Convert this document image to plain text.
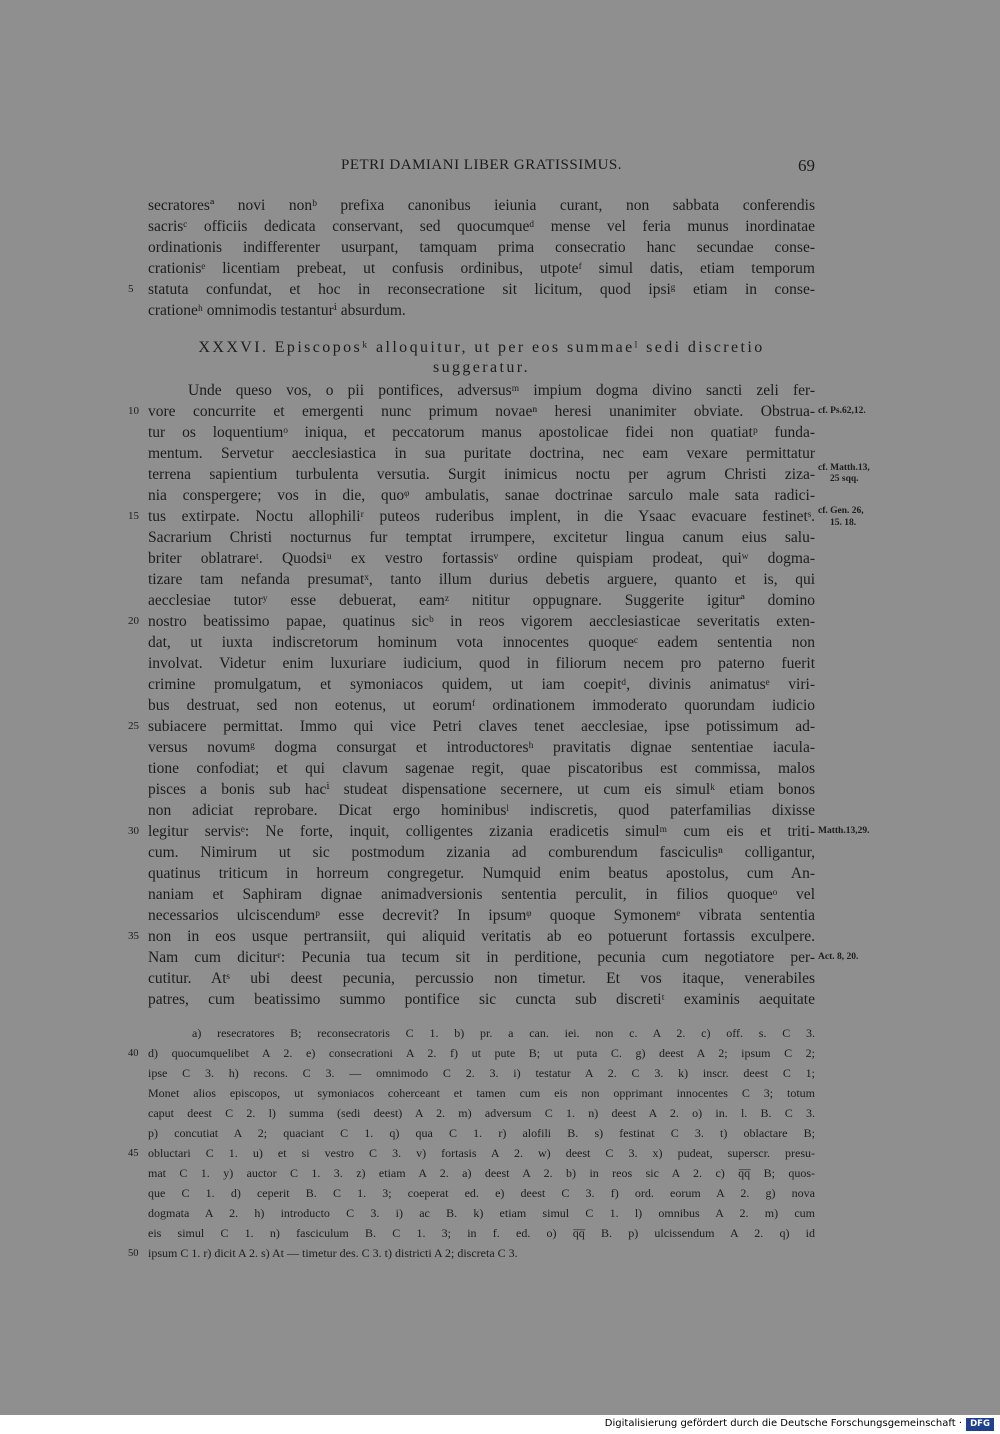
PETRI DAMIANI LIBER GRATISSIMUS.	69
secratoresª novi nonᵇ prefixa canonibus ieiunia curant, non sabbata conferendis
sacrisᶜ officiis dedicata conservant, sed quocumqueᵈ mense vel feria munus inordinatae
ordinationis indifferenter usurpant, tamquam prima consecratio hanc secundae conse-
crationisᵉ licentiam prebeat, ut confusis ordinibus, utpoteᶠ simul datis, etiam temporum
statuta confundat, et hoc in reconsecratione sit licitum, quod ipsiᵍ etiam in conse-
crationeʰ omnimodis testanturⁱ absurdum.
5
XXXVI. Episcoposᵏ alloquitur, ut per eos summaeˡ sedi discretio
suggeratur.
Unde queso vos, o pii pontifices, adversusᵐ impium dogma divino sancti zeli fer-
vore concurrite et emergenti nunc primum novaeⁿ heresi unanimiter obviate. Obstrua-
tur os loquentiumᵒ iniqua, et peccatorum manus apostolicae fidei non quatiatᵖ funda-
mentum. Servetur aecclesiastica in sua puritate doctrina, nec eam vexare permittatur
terrena sapientium turbulenta versutia. Surgit inimicus noctu per agrum Christi ziza-
nia conspergere; vos in die, quoᵠ ambulatis, sanae doctrinae sarculo male sata radici-
tus extirpate. Noctu allophiliʳ puteos ruderibus implent, in die Ysaac evacuare festinetˢ.
Sacrarium Christi nocturnus fur temptat irrumpere, excitetur lingua canum eius salu-
briter oblatrareᵗ. Quodsiᵘ ex vestro fortassisᵛ ordine quispiam prodeat, quiʷ dogma-
tizare tam nefanda presumatˣ, tanto illum durius debetis arguere, quanto et is, qui
aecclesiae tutorʸ esse debuerat, eamᶻ nititur oppugnare. Suggerite igiturª domino
nostro beatissimo papae, quatinus sicᵇ in reos vigorem aecclesiasticae severitatis exten-
dat, ut iuxta indiscretorum hominum vota innocentes quoqueᶜ eadem sententia non
involvat. Videtur enim luxuriare iudicium, quod in filiorum necem pro paterno fuerit
crimine promulgatum, et symoniacos quidem, ut iam coepitᵈ, divinis animatusᵉ viri-
bus destruat, sed non eotenus, ut eorumᶠ ordinationem immoderato quorundam iudicio
subiacere permittat. Immo qui vice Petri claves tenet aecclesiae, ipse potissimum ad-
versus novumᵍ dogma consurgat et introductoresʰ pravitatis dignae sententiae iacula-
tione confodiat; et qui clavum sagenae regit, quae piscatoribus est commissa, malos
pisces a bonis sub hacⁱ studeat dispensatione secernere, ut cum eis simulᵏ etiam bonos
non adiciat reprobare. Dicat ergo hominibusˡ indiscretis, quod paterfamilias dixisse
legitur servisᵉ: Ne forte, inquit, colligentes zizania eradicetis simulᵐ cum eis et triti-
cum. Nimirum ut sic postmodum zizania ad comburendum fasciculisⁿ colligantur,
quatinus triticum in horreum congregetur. Numquid enim beatus apostolus, cum An-
naniam et Saphiram dignae animadversionis sententia perculit, in filios quoqueᵒ vel
necessarios ulciscendumᵖ esse decrevit? In ipsumᵠ quoque Symonemᵉ vibrata sententia
non in eos usque pertransiit, qui aliquid veritatis ab eo potuerunt fortassis exculpere.
Nam cum diciturʳ: Pecunia tua tecum sit in perditione, pecunia cum negotiatore per-
cutitur. Atˢ ubi deest pecunia, percussio non timetur. Et vos itaque, venerabiles
patres, cum beatissimo summo pontifice sic cuncta sub discretiᵗ examinis aequitate
10
15
20
25
30
35
cf. Ps.62,12.
cf. Matth.13,
25 sqq.
cf. Gen. 26,
15. 18.
Matth.13,29.
Act. 8, 20.
a) resecratores B; reconsecratoris C 1. b) pr. a can. iei. non c. A 2. c) off. s. C 3.
d) quocumquelibet A 2. e) consecrationi A 2. f) ut pute B; ut puta C. g) deest A 2; ipsum C 2;
ipse C 3. h) recons. C 3. — omnimodo C 2. 3. i) testatur A 2. C 3. k) inscr. deest C 1;
Monet alios episcopos, ut symoniacos coherceant et tamen cum eis non opprimant innocentes C 3; totum
caput deest C 2. l) summa (sedi deest) A 2. m) adversum C 1. n) deest A 2. o) in. l. B. C 3.
p) concutiat A 2; quaciant C 1. q) qua C 1. r) alofili B. s) festinat C 3. t) oblactare B;
obluctari C 1. u) et si vestro C 3. v) fortasis A 2. w) deest C 3. x) pudeat, superscr. presu-
mat C 1. y) auctor C 1. 3. z) etiam A 2. a) deest A 2. b) in reos sic A 2. c) q̅q̅ B; quos-
que C 1. d) ceperit B. C 1. 3; coeperat ed. e) deest C 3. f) ord. eorum A 2. g) nova
dogmata A 2. h) introducto C 3. i) ac B. k) etiam simul C 1. l) omnibus A 2. m) cum
eis simul C 1. n) fasciculum B. C 1. 3; in f. ed. o) q̅q̅ B. p) ulcissendum A 2. q) id
ipsum C 1. r) dicit A 2. s) At — timetur des. C 3. t) districti A 2; discreta C 3.
40
45
50
Digitalisierung gefördert durch die Deutsche Forschungsgemeinschaft · DFG
